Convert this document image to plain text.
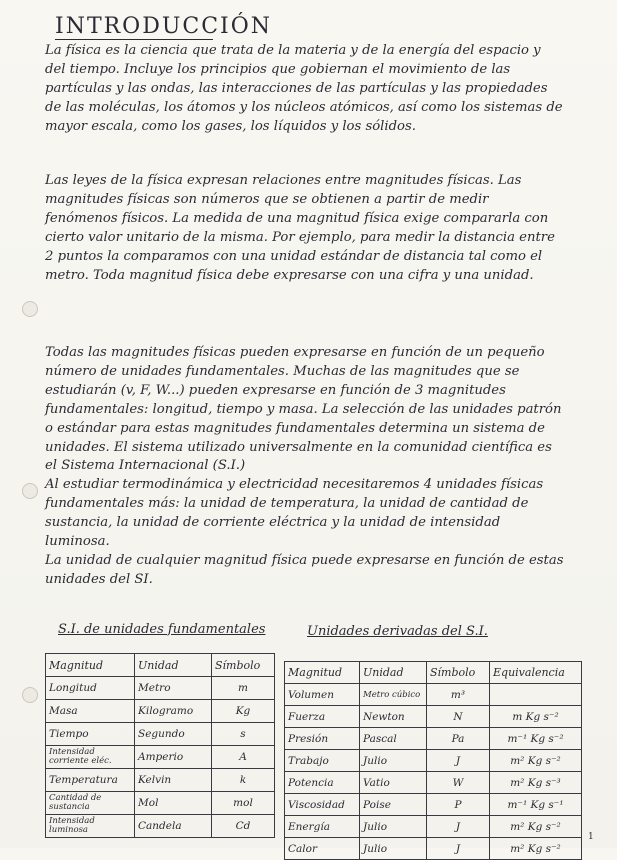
INTRODUCCIÓN
La física es la ciencia que trata de la materia y de la energía del espacio y del tiempo. Incluye los principios que gobiernan el movimiento de las partículas y las ondas, las interacciones de las partículas y las propiedades de las moléculas, los átomos y los núcleos atómicos, así como los sistemas de mayor escala, como los gases, los líquidos y los sólidos.
Las leyes de la física expresan relaciones entre magnitudes físicas. Las magnitudes físicas son números que se obtienen a partir de medir fenómenos físicos. La medida de una magnitud física exige compararla con cierto valor unitario de la misma. Por ejemplo, para medir la distancia entre 2 puntos la comparamos con una unidad estándar de distancia tal como el metro. Toda magnitud física debe expresarse con una cifra y una unidad.
Todas las magnitudes físicas pueden expresarse en función de un pequeño número de unidades fundamentales. Muchas de las magnitudes que se estudiarán (v, F, W...) pueden expresarse en función de 3 magnitudes fundamentales: longitud, tiempo y masa. La selección de las unidades patrón o estándar para estas magnitudes fundamentales determina un sistema de unidades. El sistema utilizado universalmente en la comunidad científica es el Sistema Internacional (S.I.)
Al estudiar termodinámica y electricidad necesitaremos 4 unidades físicas fundamentales más: la unidad de temperatura, la unidad de cantidad de sustancia, la unidad de corriente eléctrica y la unidad de intensidad luminosa.
La unidad de cualquier magnitud física puede expresarse en función de estas unidades del SI.
S.I. de unidades fundamentales	Unidades derivadas del S.I.
Magnitud	Unidad	Símbolo
Longitud	Metro	m
Masa	Kilogramo	Kg
Tiempo	Segundo	s
Intensidad corriente eléc.	Amperio	A
Temperatura	Kelvin	k
Cantidad de sustancia	Mol	mol
Intensidad luminosa	Candela	Cd
Magnitud	Unidad	Símbolo	Equivalencia
Volumen	Metro cúbico	m³	
Fuerza	Newton	N	m Kg s⁻²
Presión	Pascal	Pa	m⁻¹ Kg s⁻²
Trabajo	Julio	J	m² Kg s⁻²
Potencia	Vatio	W	m² Kg s⁻³
Viscosidad	Poise	P	m⁻¹ Kg s⁻¹
Energía	Julio	J	m² Kg s⁻²
Calor	Julio	J	m² Kg s⁻²
1
